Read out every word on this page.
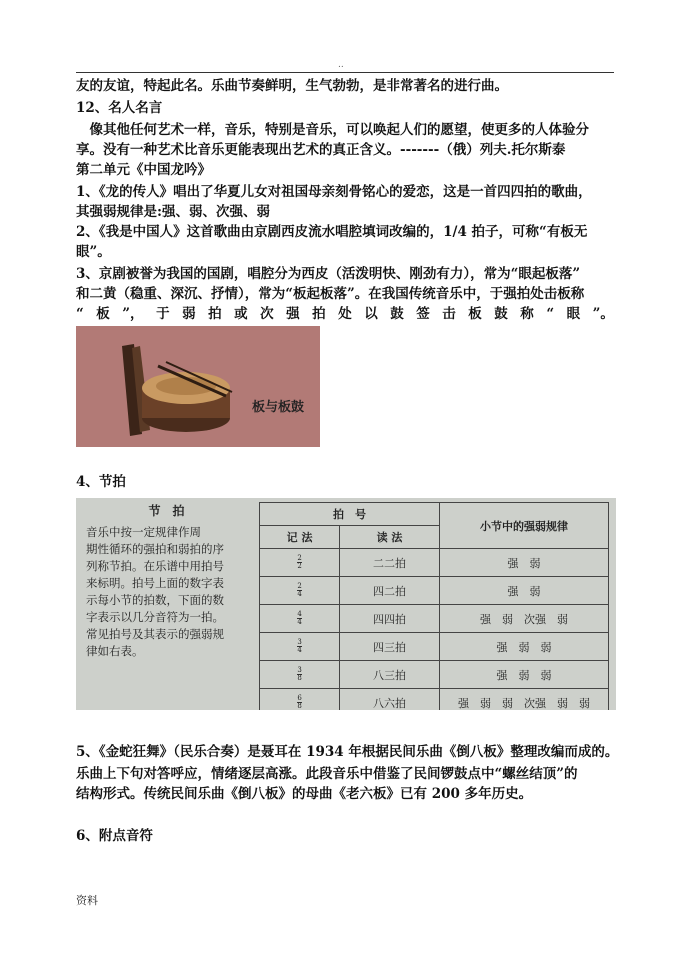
..
友的友谊，特起此名。乐曲节奏鲜明，生气勃勃，是非常著名的进行曲。
12、名人名言
　像其他任何艺术一样，音乐，特别是音乐，可以唤起人们的愿望，使更多的人体验分
享。没有一种艺术比音乐更能表现出艺术的真正含义。-------（俄）列夫.托尔斯泰
第二单元《中国龙吟》
1、《龙的传人》唱出了华夏儿女对祖国母亲刻骨铭心的爱恋，这是一首四四拍的歌曲，
其强弱规律是:强、弱、次强、弱
2、《我是中国人》这首歌曲由京剧西皮流水唱腔填词改编的，1/4 拍子，可称“有板无
眼”。
3、京剧被誉为我国的国剧，唱腔分为西皮（活泼明快、刚劲有力），常为“眼起板落”
和二黄（稳重、深沉、抒情），常为“板起板落”。在我国传统音乐中，于强拍处击板称
“ 板 ”， 于 弱 拍 或 次 强 拍 处 以 鼓 签 击 板 鼓 称 “ 眼 ”。
板与板鼓
4、节拍
节　拍
音乐中按一定规律作周
期性循环的强拍和弱拍的序
列称节拍。在乐谱中用拍号
来标明。拍号上面的数字表
示每小节的拍数，下面的数
字表示以几分音符为一拍。
常见拍号及其表示的强弱规
律如右表。
拍　号		小节中的强弱规律
记 法	读 法	

$\frac{2}{2}$	二二拍	强　弱

$\frac{2}{4}$	四二拍	强　弱

$\frac{4}{4}$	四四拍	强　弱　次强　弱

$\frac{3}{4}$	四三拍	强　弱　弱

$\frac{3}{8}$	八三拍	强　弱　弱

$\frac{6}{8}$	八六拍	强　弱　弱　次强　弱　弱
5、《金蛇狂舞》（民乐合奏）是聂耳在 1934 年根据民间乐曲《倒八板》整理改编而成的。
乐曲上下句对答呼应，情绪逐层高涨。此段音乐中借鉴了民间锣鼓点中“螺丝结顶”的
结构形式。传统民间乐曲《倒八板》的母曲《老六板》已有 200 多年历史。
6、附点音符
资料
